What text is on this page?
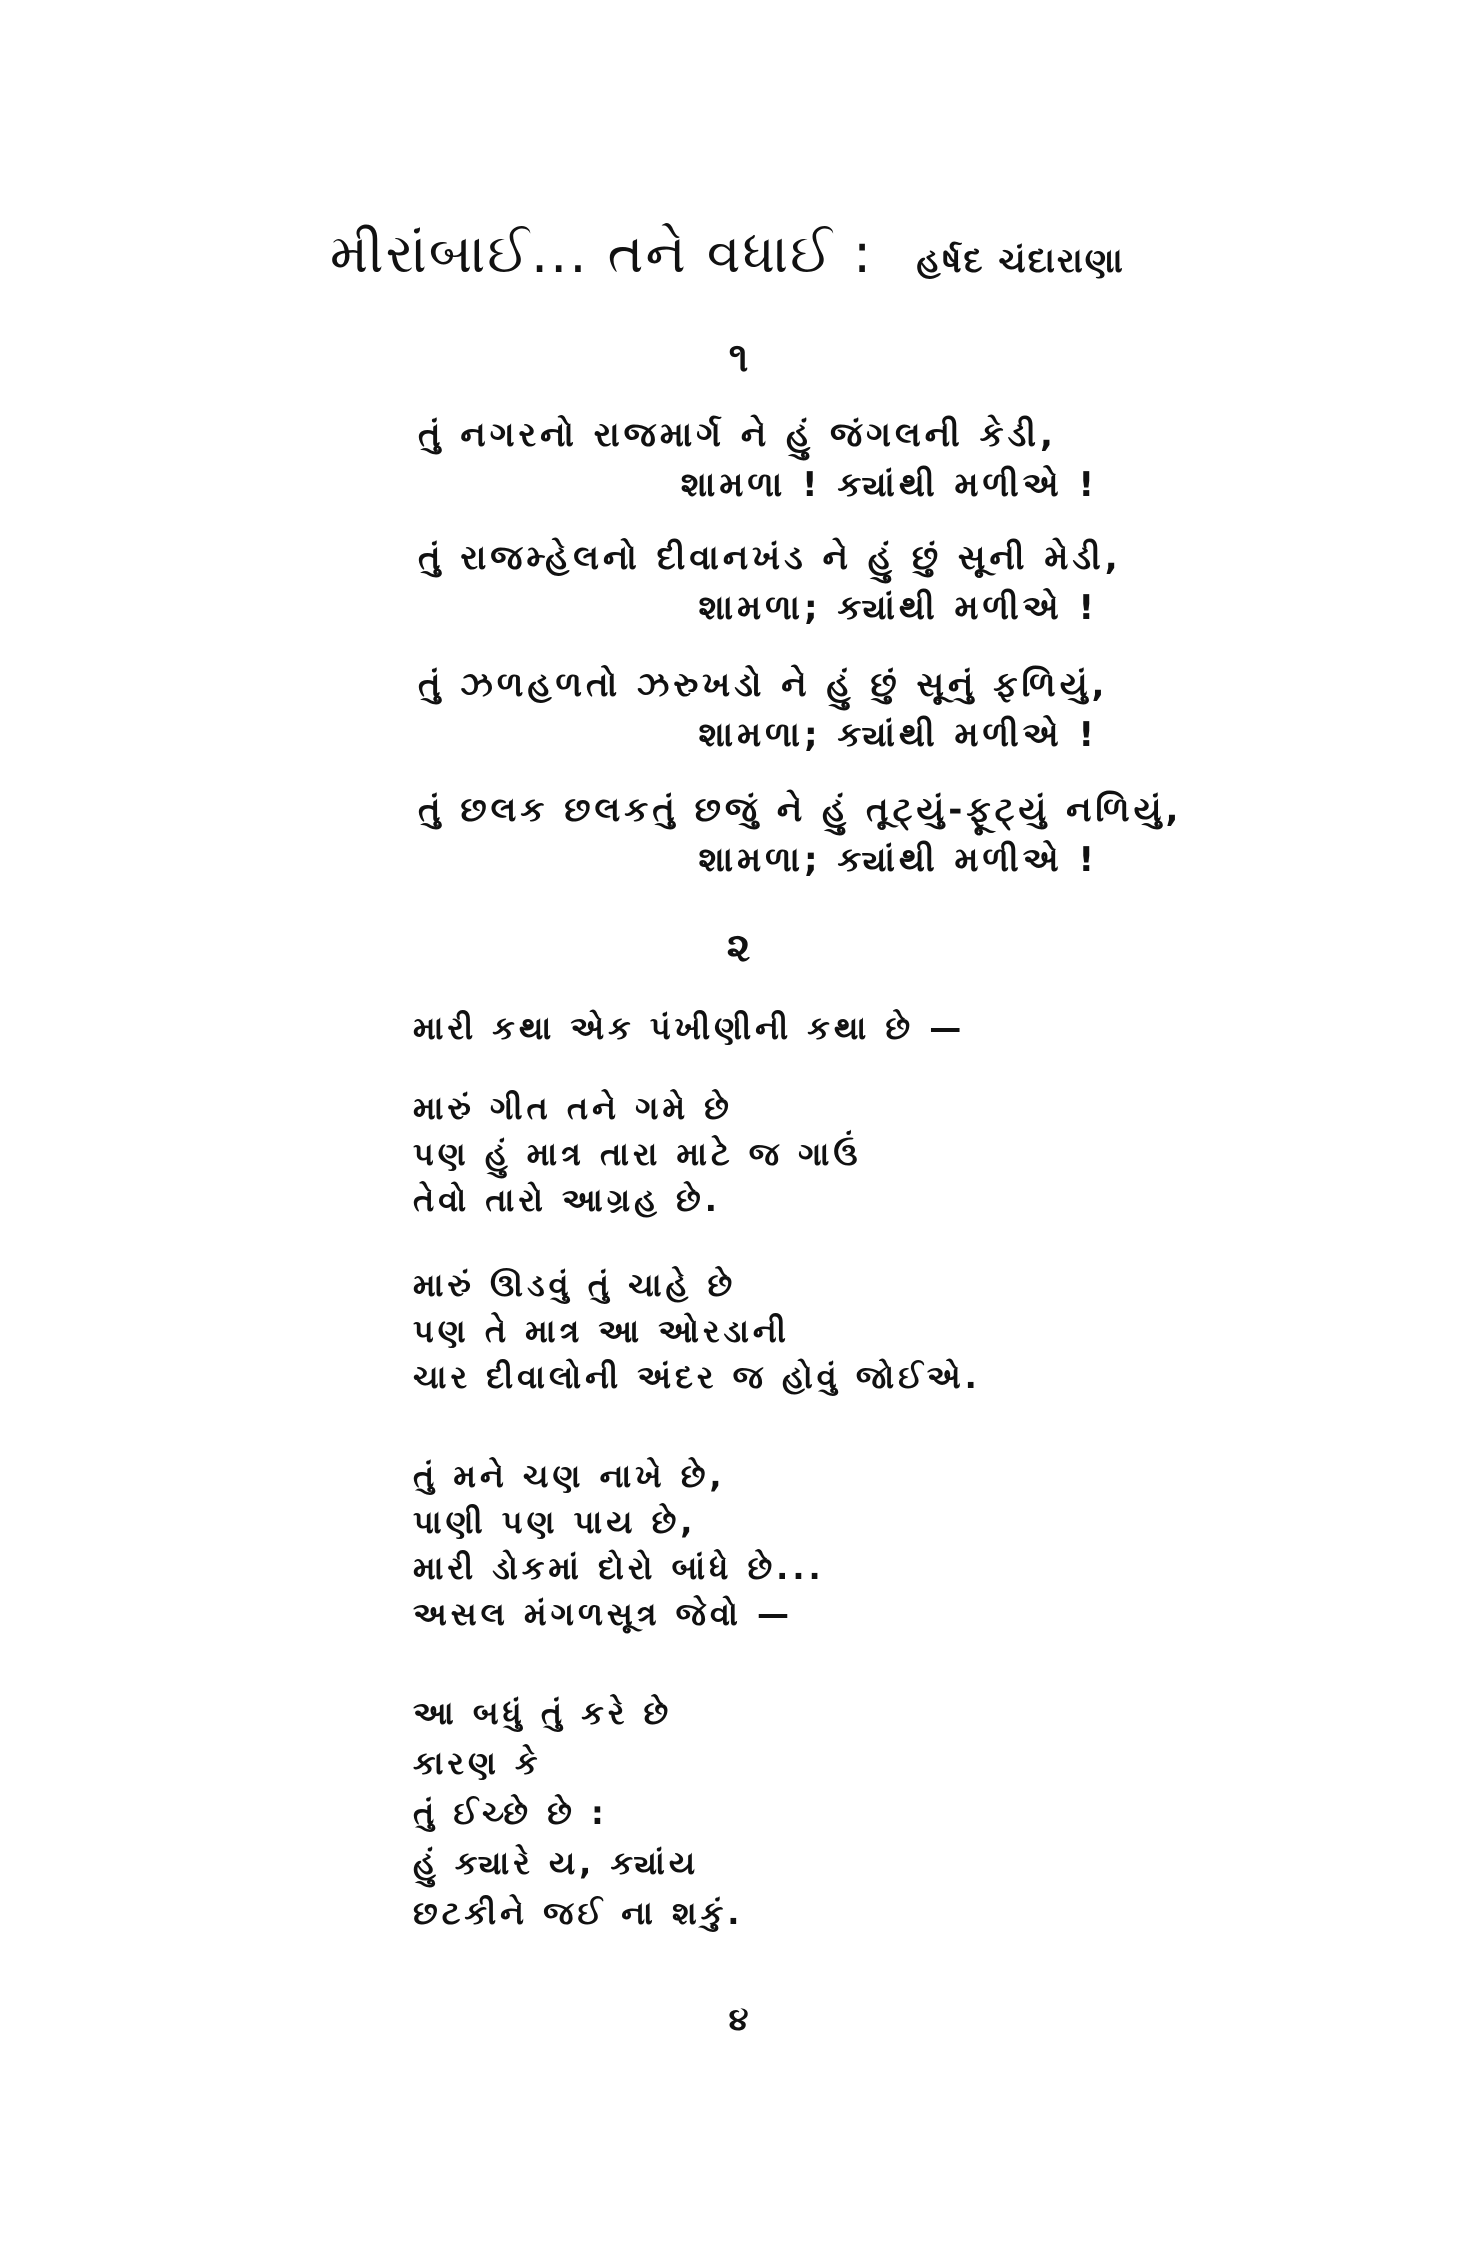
મીરાંબાઈ... તને વધાઈ : હર્ષદ ચંદારાણા
૧
તું નગરનો રાજમાર્ગ ને હું જંગલની કેડી,
શામળા ! ક્યાંથી મળીએ !
તું રાજમ્હેલનો દીવાનખંડ ને હું છું સૂની મેડી,
શામળા; ક્યાંથી મળીએ !
તું ઝળહળતો ઝરુખડો ને હું છું સૂનું ફળિયું,
શામળા; ક્યાંથી મળીએ !
તું છલક છલકતું છજું ને હું તૂટ્યું-ફૂટ્યું નળિયું,
શામળા; ક્યાંથી મળીએ !
૨
મારી કથા એક પંખીણીની કથા છે —
મારું ગીત તને ગમે છે
પણ હું માત્ર તારા માટે જ ગાઉં
તેવો તારો આગ્રહ છે.
મારું ઊડવું તું ચાહે છે
પણ તે માત્ર આ ઓરડાની
ચાર દીવાલોની અંદર જ હોવું જોઈએ.
તું મને ચણ નાખે છે,
પાણી પણ પાય છે,
મારી ડોકમાં દોરો બાંધે છે...
અસલ મંગળસૂત્ર જેવો —
આ બધું તું કરે છે
કારણ કે
તું ઈચ્છે છે :
હું ક્યારે ય, ક્યાંય
છટકીને જઈ ના શકું.
૪
